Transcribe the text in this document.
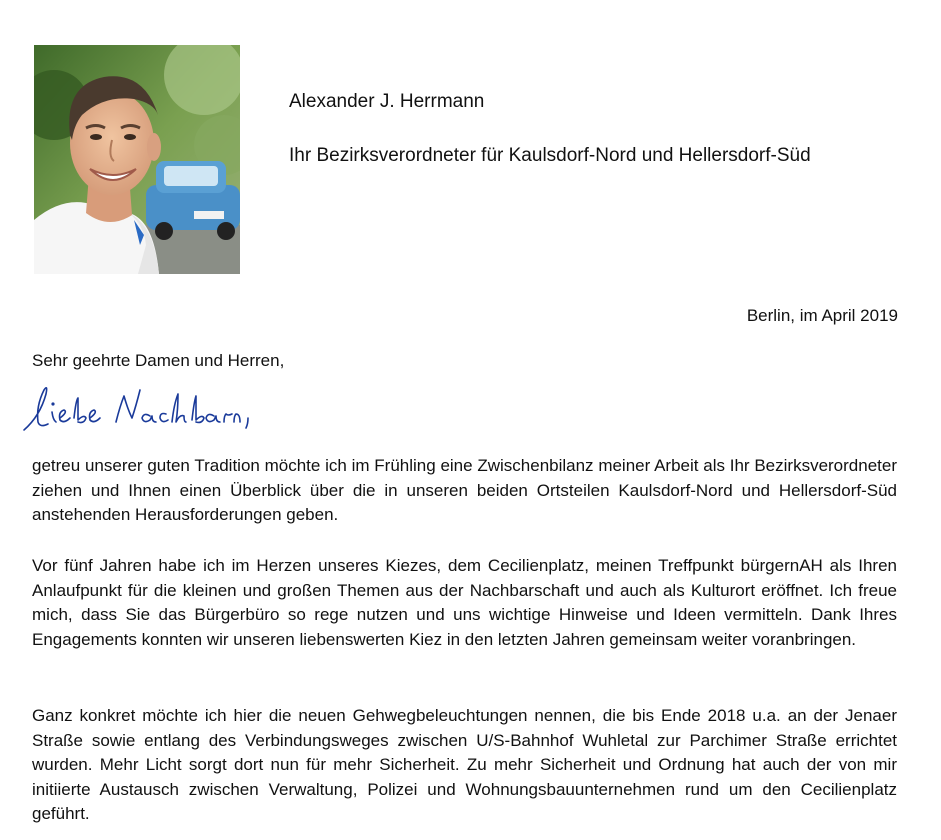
Alexander J. Herrmann
Ihr Bezirksverordneter für Kaulsdorf-Nord und Hellersdorf-Süd
Berlin, im April 2019
Sehr geehrte Damen und Herren,

getreu unserer guten Tradition möchte ich im Frühling eine Zwischenbilanz meiner Arbeit als Ihr Bezirksverordneter ziehen und Ihnen einen Überblick über die in unseren beiden Ortsteilen Kaulsdorf-Nord und Hellersdorf-Süd anstehenden Herausforderungen geben.

Vor fünf Jahren habe ich im Herzen unseres Kiezes, dem Cecilienplatz, meinen Treffpunkt bürgernAH als Ihren Anlaufpunkt für die kleinen und großen Themen aus der Nachbarschaft und auch als Kulturort eröffnet. Ich freue mich, dass Sie das Bürgerbüro so rege nutzen und uns wichtige Hinweise und Ideen vermitteln. Dank Ihres Engagements konnten wir unseren liebenswerten Kiez in den letzten Jahren gemeinsam weiter voranbringen.

Ganz konkret möchte ich hier die neuen Gehwegbeleuchtungen nennen, die bis Ende 2018 u.a. an der Jenaer Straße sowie entlang des Verbindungsweges zwischen U/S-Bahnhof Wuhletal zur Parchimer Straße errichtet wurden. Mehr Licht sorgt dort nun für mehr Sicherheit. Zu mehr Sicherheit und Ordnung hat auch der von mir initiierte Austausch zwischen Verwaltung, Polizei und Wohnungsbauunternehmen rund um den Cecilienplatz geführt.
